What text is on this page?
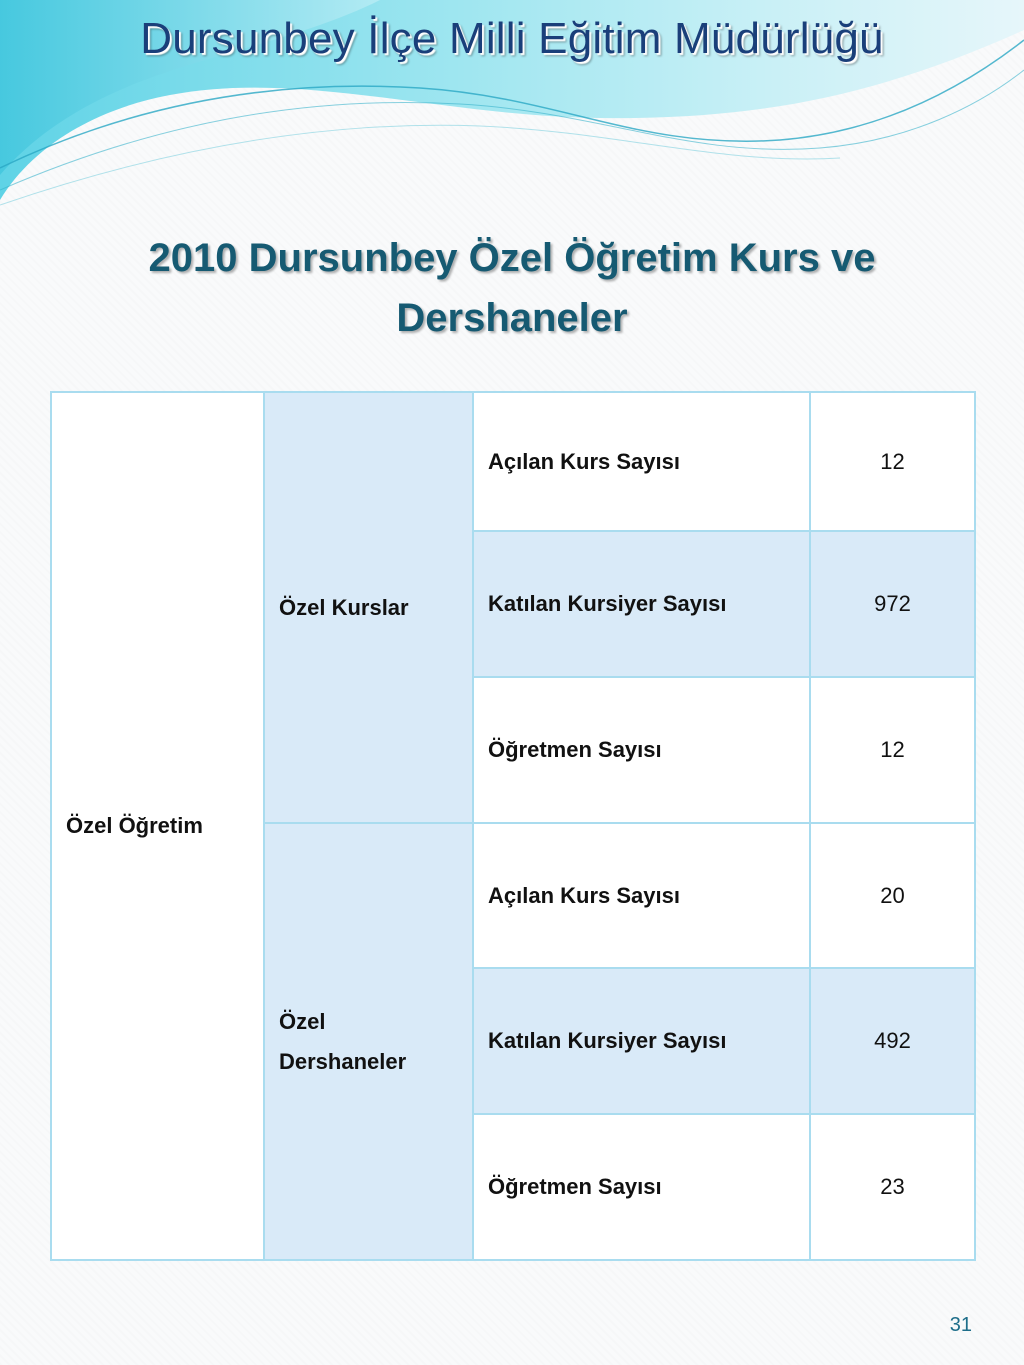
Dursunbey İlçe Milli Eğitim Müdürlüğü
2010 Dursunbey Özel Öğretim Kurs ve Dershaneler
Özel Öğretim	Özel Kurslar	Açılan Kurs Sayısı	12
		Katılan Kursiyer Sayısı	972
		Öğretmen Sayısı	12
	Özel Dershaneler	Açılan Kurs Sayısı	20
		Katılan Kursiyer Sayısı	492
		Öğretmen Sayısı	23
31
